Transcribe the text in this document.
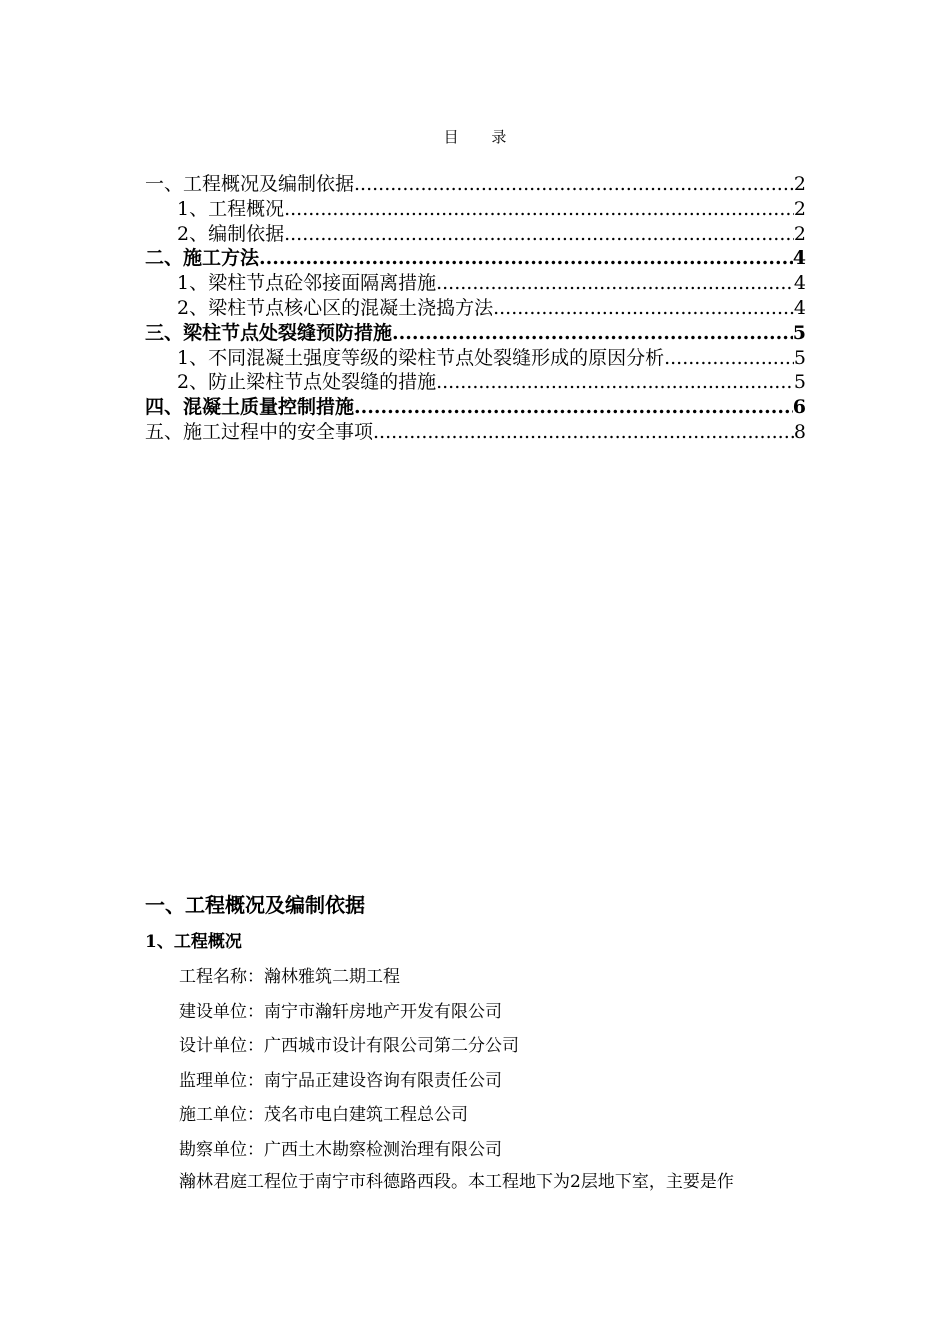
目 录
一、工程概况及编制依据 .....	2
1、工程概况 .....	2
2、编制依据 .....	2
二、施工方法 .....	4
1、梁柱节点砼邻接面隔离措施 .....	4
2、梁柱节点核心区的混凝土浇捣方法 .....	4
三、梁柱节点处裂缝预防措施 .....	5
1、不同混凝土强度等级的梁柱节点处裂缝形成的原因分析 .....	5
2、防止梁柱节点处裂缝的措施 .....	5
四、混凝土质量控制措施 .....	6
五、施工过程中的安全事项 .....	8
一、工程概况及编制依据
1、工程概况
工程名称：瀚林雅筑二期工程
建设单位：南宁市瀚轩房地产开发有限公司
设计单位：广西城市设计有限公司第二分公司
监理单位：南宁品正建设咨询有限责任公司
施工单位：茂名市电白建筑工程总公司
勘察单位：广西土木勘察检测治理有限公司
瀚林君庭工程位于南宁市科德路西段。本工程地下为2层地下室，主要是作
